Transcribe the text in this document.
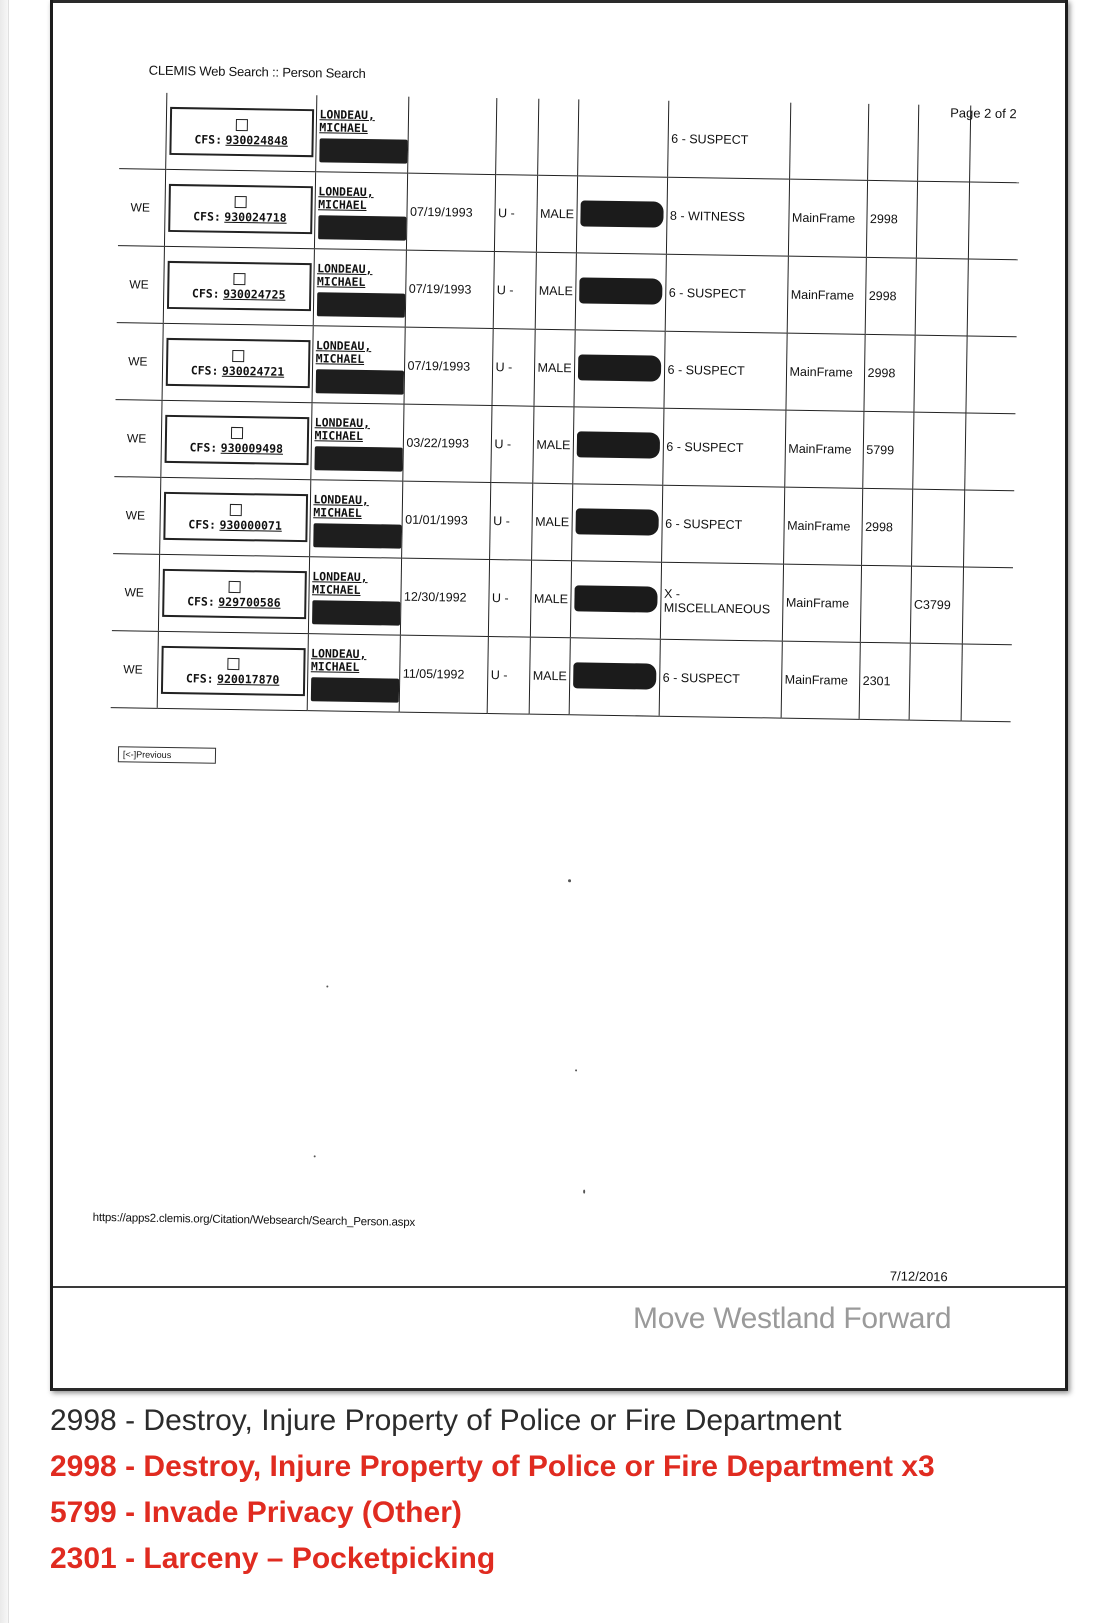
CLEMIS Web Search :: Person Search
Page 2 of 2

CFS: 930024848	LONDEAU,
MICHAEL					6 - SUSPECT				
WE	CFS: 930024718	LONDEAU,
MICHAEL	07/19/1993	U -	MALE		8 - WITNESS	MainFrame	2998		
WE	CFS: 930024725	LONDEAU,
MICHAEL	07/19/1993	U -	MALE		6 - SUSPECT	MainFrame	2998		
WE	CFS: 930024721	LONDEAU,
MICHAEL	07/19/1993	U -	MALE		6 - SUSPECT	MainFrame	2998		
WE	CFS: 930009498	LONDEAU,
MICHAEL	03/22/1993	U -	MALE		6 - SUSPECT	MainFrame	5799		
WE	CFS: 930000071	LONDEAU,
MICHAEL	01/01/1993	U -	MALE		6 - SUSPECT	MainFrame	2998		
WE	CFS: 929700586	LONDEAU,
MICHAEL	12/30/1992	U -	MALE		X - MISCELLANEOUS	MainFrame		C3799	
WE	CFS: 920017870	LONDEAU,
MICHAEL	11/05/1992	U -	MALE		6 - SUSPECT	MainFrame	2301		
[<-]Previous
https://apps2.clemis.org/Citation/Websearch/Search_Person.aspx
7/12/2016
Move Westland Forward
2998 - Destroy, Injure Property of Police or Fire Department
2998 - Destroy, Injure Property of Police or Fire Department x3
5799 - Invade Privacy (Other)
2301 - Larceny – Pocketpicking
